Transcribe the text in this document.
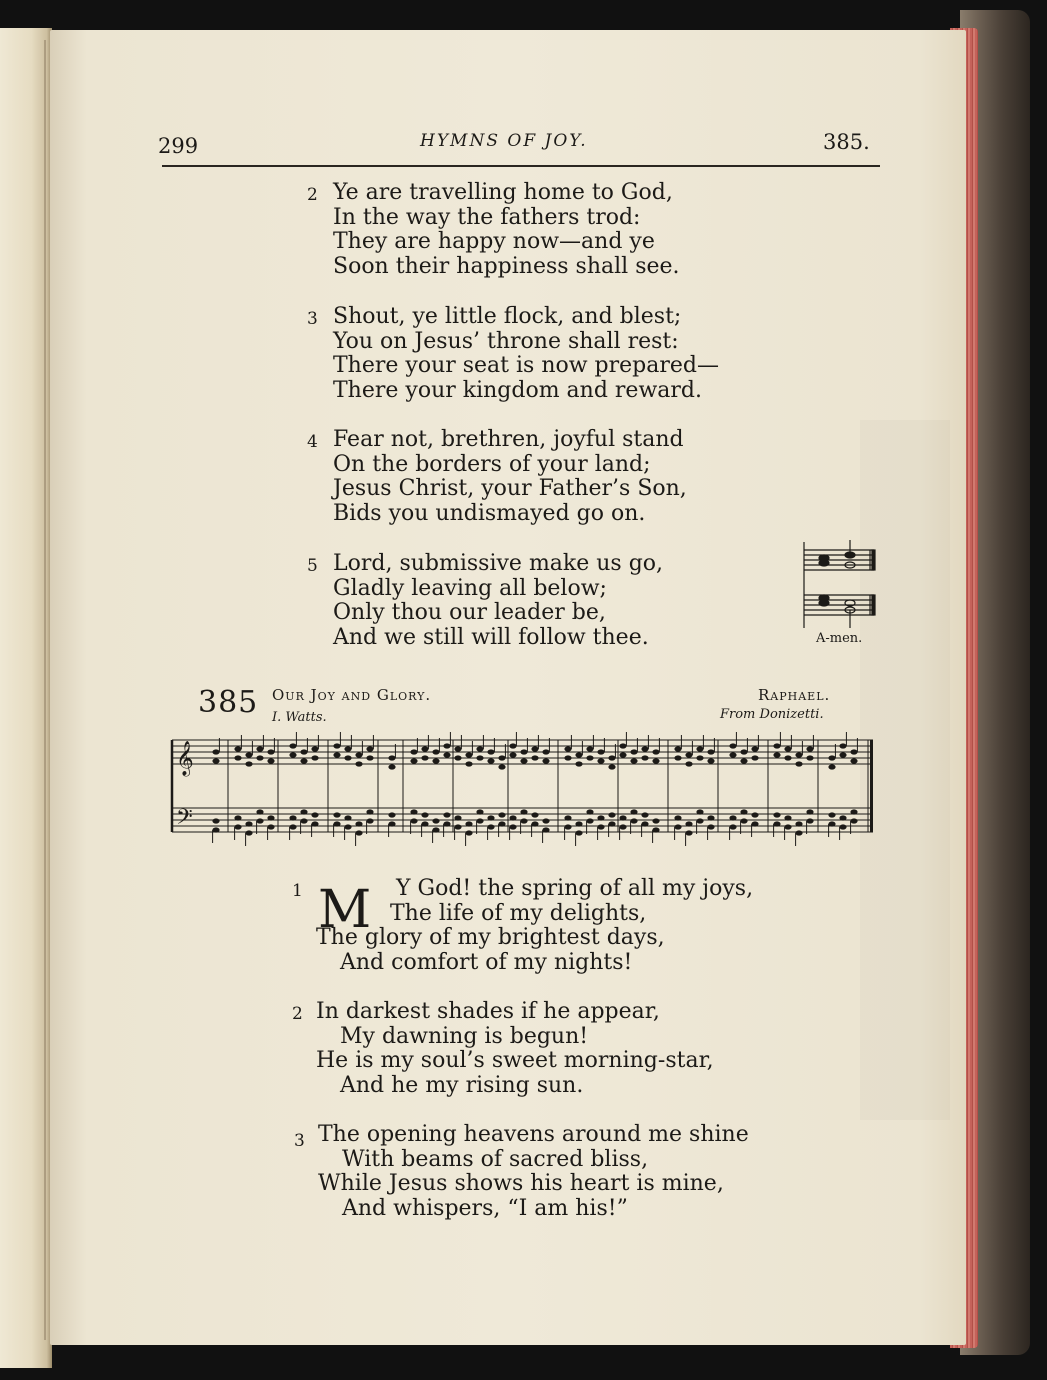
299	HYMNS OF JOY.	385.
2 Ye are travelling home to God,
In the way the fathers trod:
They are happy now—and ye
Soon their happiness shall see.
3 Shout, ye little flock, and blest;
You on Jesus’ throne shall rest:
There your seat is now prepared—
There your kingdom and reward.
4 Fear not, brethren, joyful stand
On the borders of your land;
Jesus Christ, your Father’s Son,
Bids you undismayed go on.
5 Lord, submissive make us go,
Gladly leaving all below;
Only thou our leader be,
And we still will follow thee.	A-men.
385 Our Joy and Glory.
I. Watts.
Raphael.
From Donizetti.
𝄞
𝄢
M
1	Y God! the spring of all my joys,
The life of my delights,
The glory of my brightest days,
And comfort of my nights!
2 In darkest shades if he appear,
My dawning is begun!
He is my soul’s sweet morning-star,
And he my rising sun.
3 The opening heavens around me shine
With beams of sacred bliss,
While Jesus shows his heart is mine,
And whispers, “I am his!”
